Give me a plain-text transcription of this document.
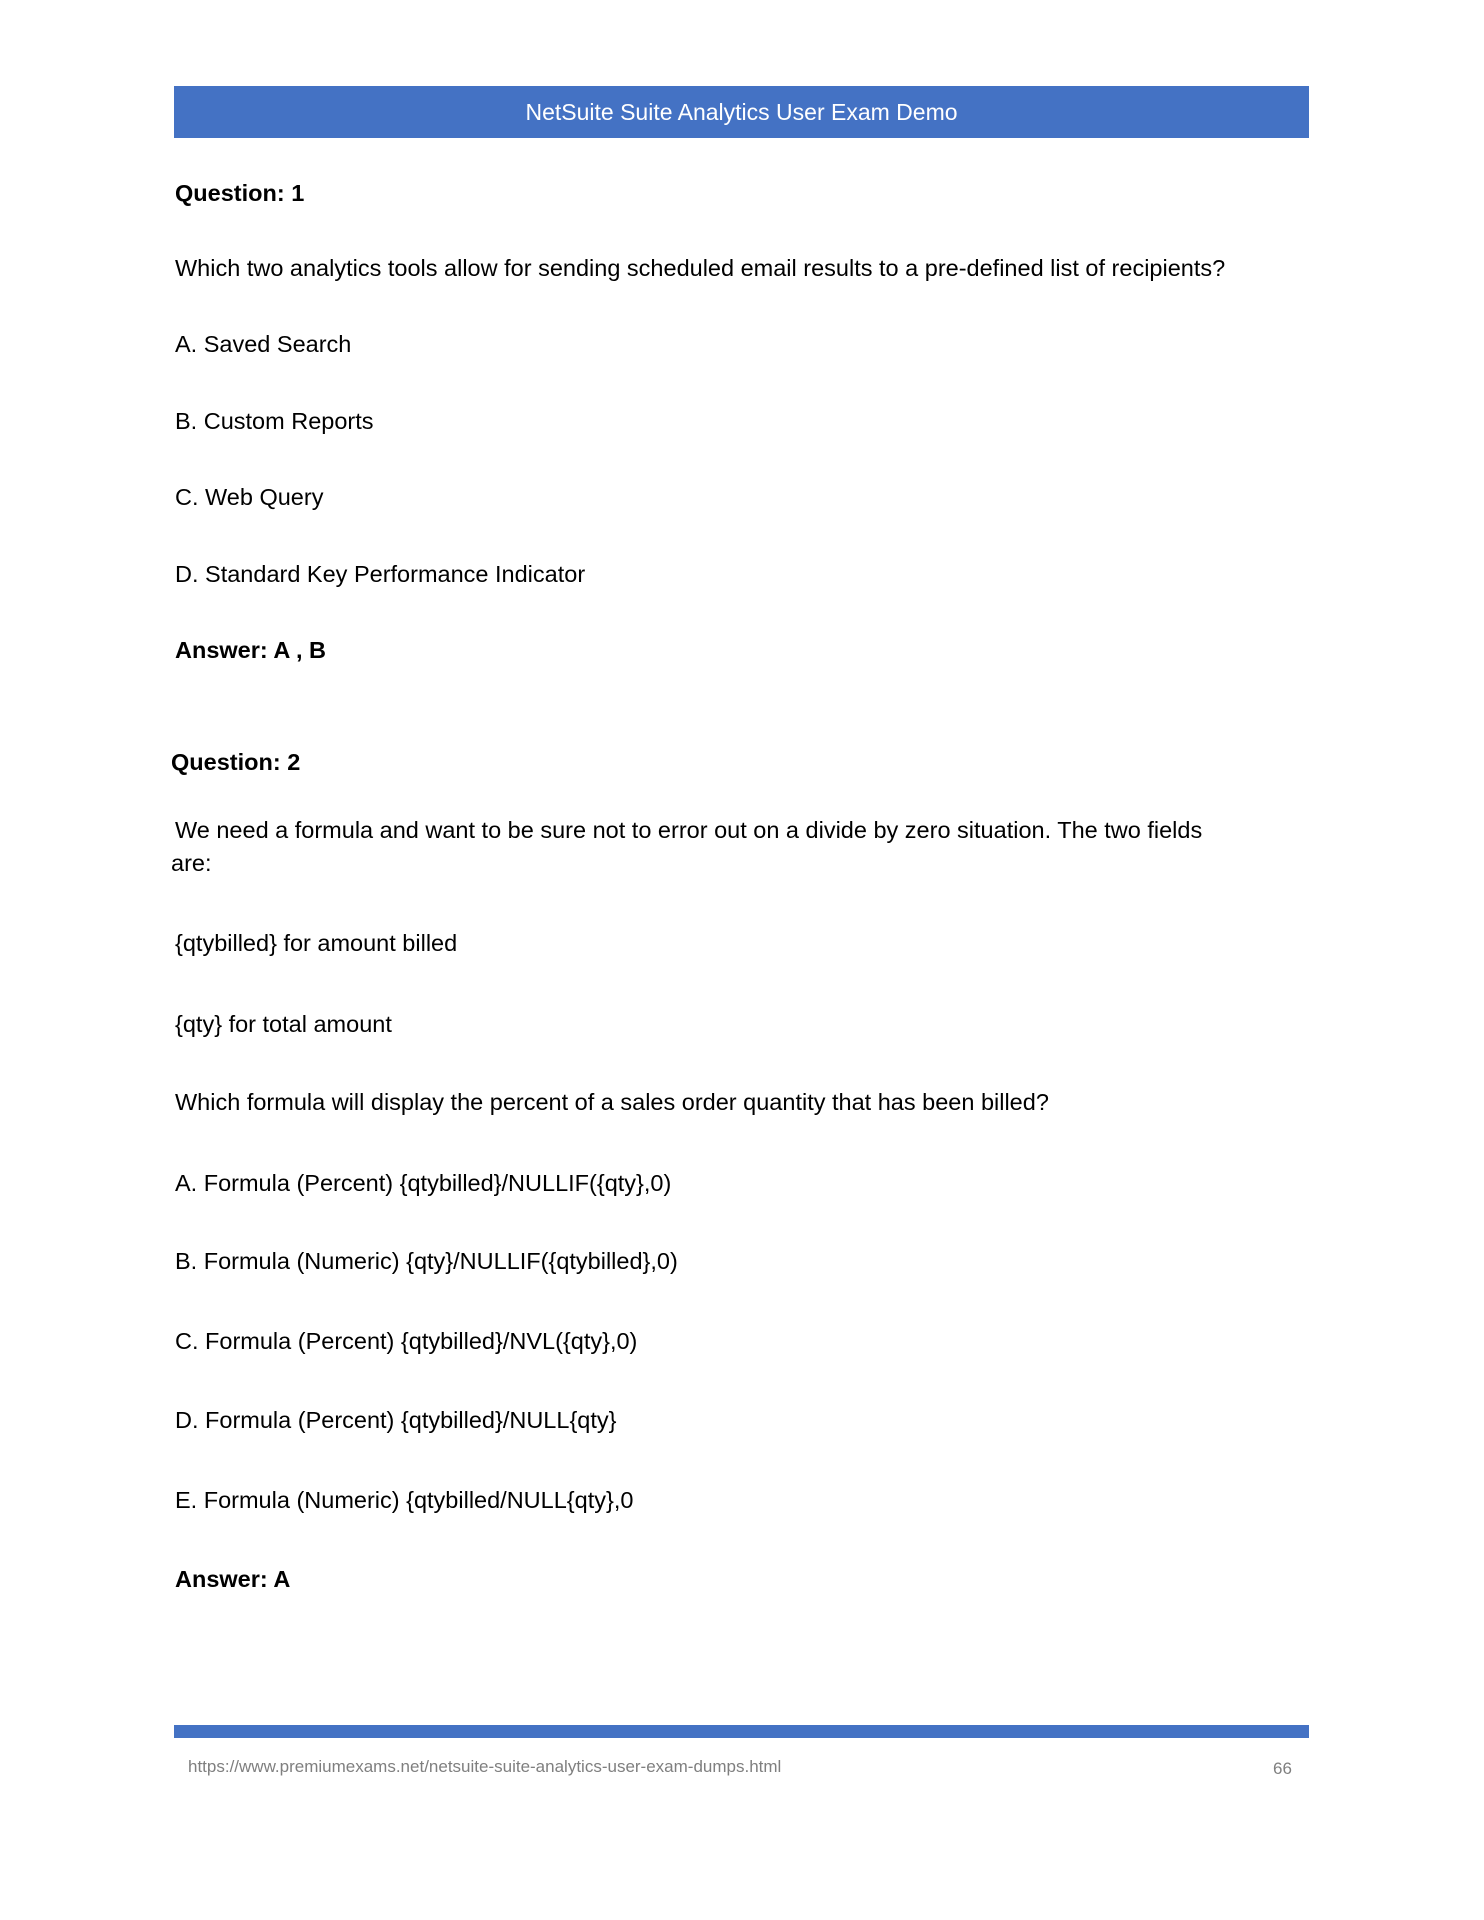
NetSuite Suite Analytics User Exam Demo
Question: 1
Which two analytics tools allow for sending scheduled email results to a pre-defined list of recipients?
A. Saved Search
B. Custom Reports
C. Web Query
D. Standard Key Performance Indicator
Answer: A , B
Question: 2
We need a formula and want to be sure not to error out on a divide by zero situation. The two fields
are:
{qtybilled} for amount billed
{qty} for total amount
Which formula will display the percent of a sales order quantity that has been billed?
A. Formula (Percent) {qtybilled}/NULLIF({qty},0)
B. Formula (Numeric) {qty}/NULLIF({qtybilled},0)
C. Formula (Percent) {qtybilled}/NVL({qty},0)
D. Formula (Percent) {qtybilled}/NULL{qty}
E. Formula (Numeric) {qtybilled/NULL{qty},0
Answer: A
https://www.premiumexams.net/netsuite-suite-analytics-user-exam-dumps.html	66
